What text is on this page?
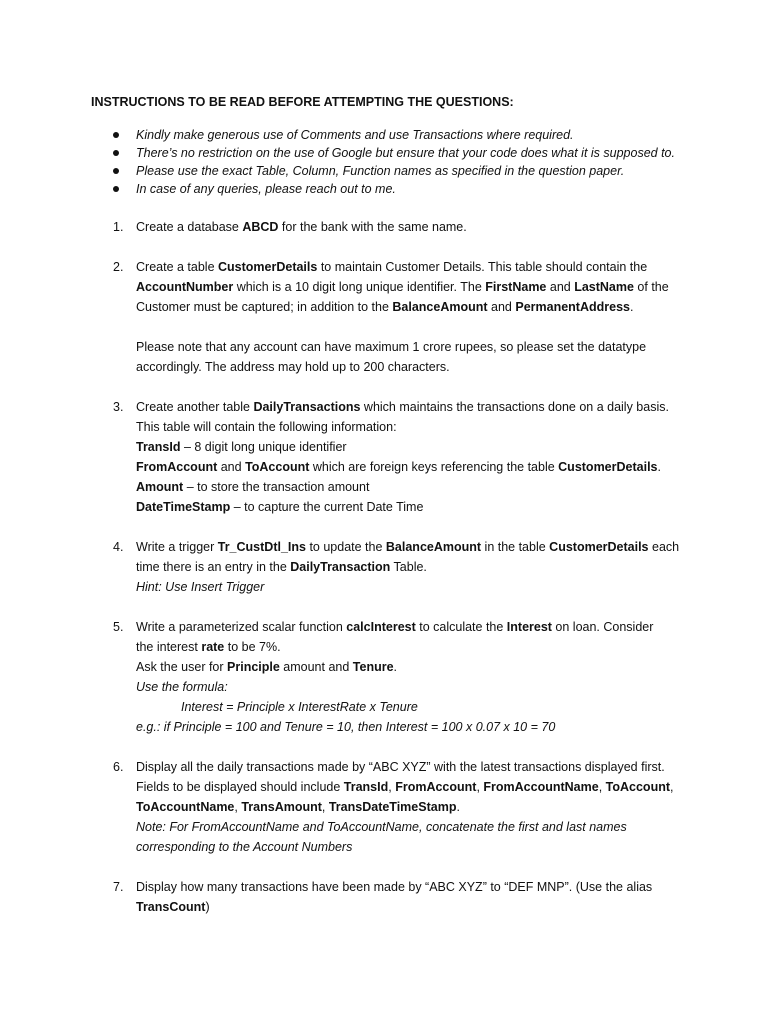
INSTRUCTIONS TO BE READ BEFORE ATTEMPTING THE QUESTIONS:

Kindly make generous use of Comments and use Transactions where required.
There’s no restriction on the use of Google but ensure that your code does what it is supposed to.
Please use the exact Table, Column, Function names as specified in the question paper.
In case of any queries, please reach out to me.
1. Create a database ABCD for the bank with the same name.

2. Create a table CustomerDetails to maintain Customer Details. This table should contain the

AccountNumber which is a 10 digit long unique identifier. The FirstName and LastName of the

Customer must be captured; in addition to the BalanceAmount and PermanentAddress.

Please note that any account can have maximum 1 crore rupees, so please set the datatype

accordingly. The address may hold up to 200 characters.

3. Create another table DailyTransactions which maintains the transactions done on a daily basis.

This table will contain the following information:

TransId – 8 digit long unique identifier

FromAccount and ToAccount which are foreign keys referencing the table CustomerDetails.

Amount – to store the transaction amount

DateTimeStamp – to capture the current Date Time

4. Write a trigger Tr_CustDtl_Ins to update the BalanceAmount in the table CustomerDetails each

time there is an entry in the DailyTransaction Table.

Hint: Use Insert Trigger

5. Write a parameterized scalar function calcInterest to calculate the Interest on loan. Consider

the interest rate to be 7%.

Ask the user for Principle amount and Tenure.

Use the formula:

Interest = Principle x InterestRate x Tenure

e.g.: if Principle = 100 and Tenure = 10, then Interest = 100 x 0.07 x 10 = 70

6. Display all the daily transactions made by “ABC XYZ” with the latest transactions displayed first.

Fields to be displayed should include TransId, FromAccount, FromAccountName, ToAccount,

ToAccountName, TransAmount, TransDateTimeStamp.

Note: For FromAccountName and ToAccountName, concatenate the first and last names

corresponding to the Account Numbers

7. Display how many transactions have been made by “ABC XYZ” to “DEF MNP”. (Use the alias

TransCount)
